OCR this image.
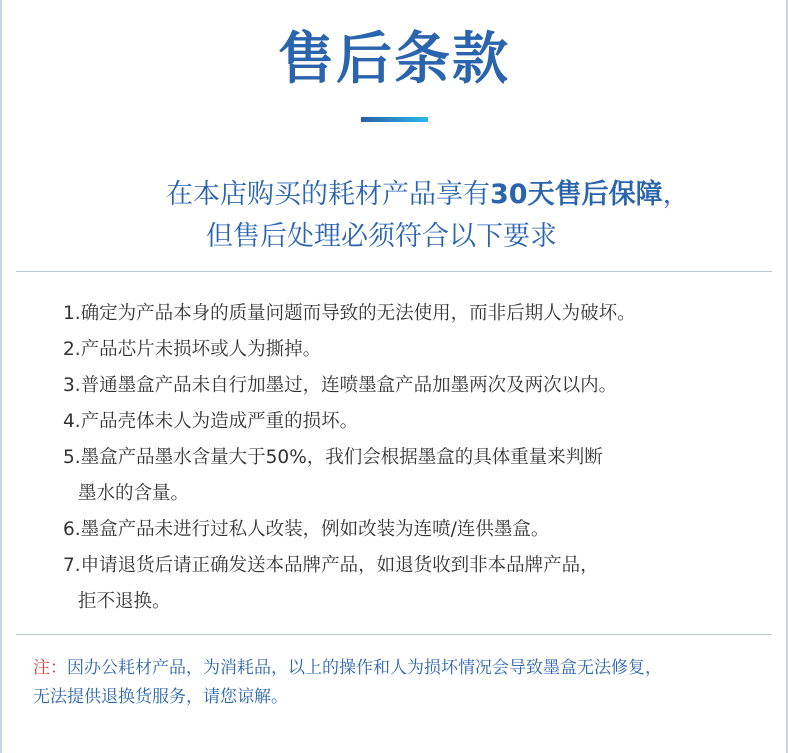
售后条款
在本店购买的耗材产品享有30天售后保障，
但售后处理必须符合以下要求
1.确定为产品本身的质量问题而导致的无法使用，而非后期人为破坏。
2.产品芯片未损坏或人为撕掉。
3.普通墨盒产品未自行加墨过，连喷墨盒产品加墨两次及两次以内。
4.产品壳体未人为造成严重的损坏。
5.墨盒产品墨水含量大于50%，我们会根据墨盒的具体重量来判断
墨水的含量。
6.墨盒产品未进行过私人改装，例如改装为连喷/连供墨盒。
7.申请退货后请正确发送本品牌产品，如退货收到非本品牌产品，
拒不退换。
注：因办公耗材产品，为消耗品，以上的操作和人为损坏情况会导致墨盒无法修复，
无法提供退换货服务，请您谅解。
